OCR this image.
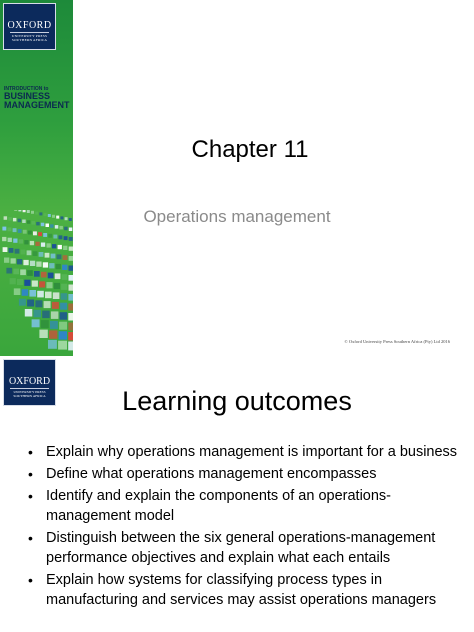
OXFORD
UNIVERSITY PRESS
SOUTHERN AFRICA
INTRODUCTION to
BUSINESS
MANAGEMENT
Chapter 11
Operations management
© Oxford University Press Southern Africa (Pty) Ltd 2016
OXFORD
UNIVERSITY PRESS
SOUTHERN AFRICA	Learning outcomes
• Explain why operations management is important for a business
• Define what operations management encompasses
• Identify and explain the components of an operations-management model
• Distinguish between the six general operations-management performance objectives and explain what each entails
• Explain how systems for classifying process types in manufacturing and services may assist operations managers
